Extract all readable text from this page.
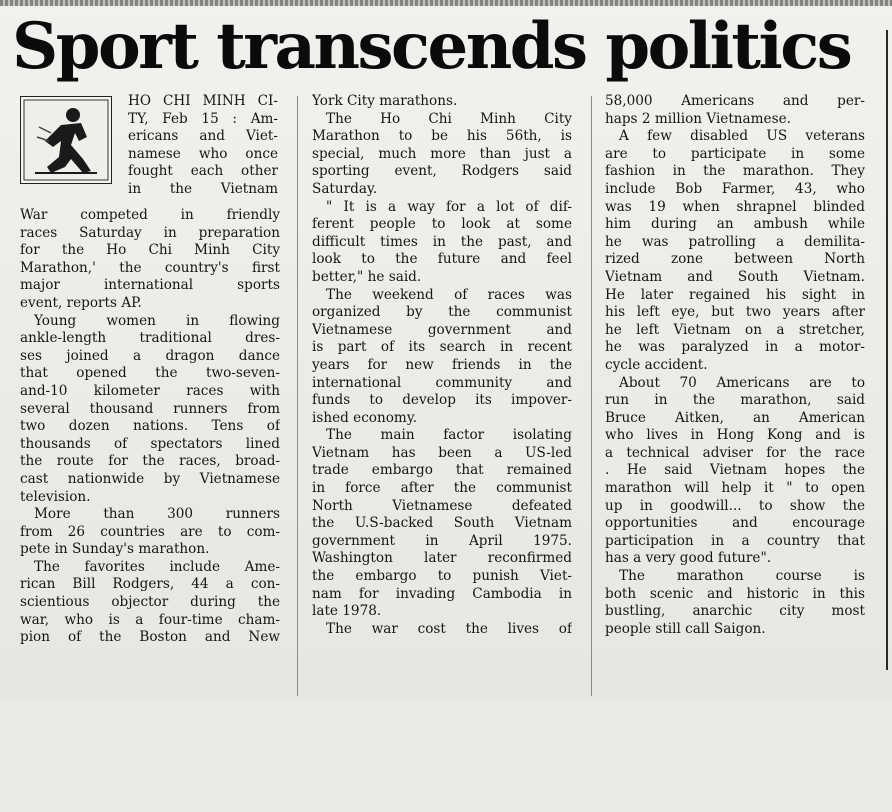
Sport transcends politics
HO CHI MINH CI-
TY, Feb 15 : Am-
ericans and Viet-
namese who once
fought each other
in the Vietnam
War competed in friendly
races Saturday in preparation
for the Ho Chi Minh City
Marathon,' the country's first
major international sports
event, reports AP.
Young women in flowing
ankle-length traditional dres-
ses joined a dragon dance
that opened the two-seven-
and-10 kilometer races with
several thousand runners from
two dozen nations. Tens of
thousands of spectators lined
the route for the races, broad-
cast nationwide by Vietnamese
television.
More than 300 runners
from 26 countries are to com-
pete in Sunday's marathon.
The favorites include Ame-
rican Bill Rodgers, 44 a con-
scientious objector during the
war, who is a four-time cham-
pion of the Boston and New
York City marathons.
The Ho Chi Minh City
Marathon to be his 56th, is
special, much more than just a
sporting event, Rodgers said
Saturday.
" It is a way for a lot of dif-
ferent people to look at some
difficult times in the past, and
look to the future and feel
better," he said.
The weekend of races was
organized by the communist
Vietnamese government and
is part of its search in recent
years for new friends in the
international community and
funds to develop its impover-
ished economy.
The main factor isolating
Vietnam has been a US-led
trade embargo that remained
in force after the communist
North Vietnamese defeated
the U.S-backed South Vietnam
government in April 1975.
Washington later reconfirmed
the embargo to punish Viet-
nam for invading Cambodia in
late 1978.
The war cost the lives of
58,000 Americans and per-
haps 2 million Vietnamese.
A few disabled US veterans
are to participate in some
fashion in the marathon. They
include Bob Farmer, 43, who
was 19 when shrapnel blinded
him during an ambush while
he was patrolling a demilita-
rized zone between North
Vietnam and South Vietnam.
He later regained his sight in
his left eye, but two years after
he left Vietnam on a stretcher,
he was paralyzed in a motor-
cycle accident.
About 70 Americans are to
run in the marathon, said
Bruce Aitken, an American
who lives in Hong Kong and is
a technical adviser for the race
. He said Vietnam hopes the
marathon will help it " to open
up in goodwill... to show the
opportunities and encourage
participation in a country that
has a very good future".
The marathon course is
both scenic and historic in this
bustling, anarchic city most
people still call Saigon.
